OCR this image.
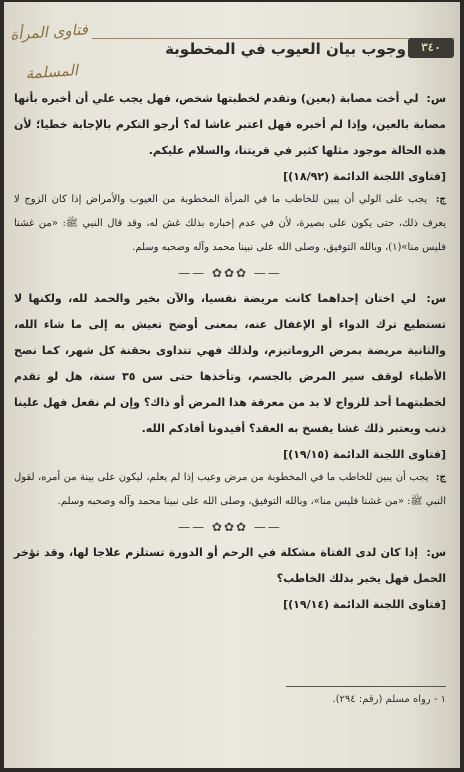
فتاوى المرأة المسلمة
٣٤٠
وجوب بيان العيوب في المخطوبة
س: لي أخت مصابة (بعين) وتقدم لخطبتها شخص، فهل يجب علي أن أخبره بأنها مصابة بالعين، وإذا لم أخبره فهل اعتبر غاشا له؟ أرجو التكرم بالإجابة خطيا؛ لأن هذه الحالة موجود مثلها كثير في قريتنا، والسلام عليكم.
[فتاوى اللجنة الدائمة (١٨/٩٢)]
ج: يجب على الولي أن يبين للخاطب ما في المرأة المخطوبة من العيوب والأمراض إذا كان الزوج لا يعرف ذلك، حتى يكون على بصيرة، لأن في عدم إخباره بذلك غش له، وقد قال النبي ﷺ: «من غشنا فليس منا»(١)، وبالله التوفيق، وصلى الله على نبينا محمد وآله وصحبه وسلم.
—— ✿✿✿ ——
س: لي اختان إحداهما كانت مريضة نفسيا، والآن بخير والحمد لله، ولكنها لا تستطيع ترك الدواء أو الإغفال عنه، بمعنى أوضح تعيش به إلى ما شاء الله، والثانية مريضة بمرض الروماتيزم، ولذلك فهي تتداوى بحقنة كل شهر، كما نصح الأطباء لوقف سير المرض بالجسم، وتأخذها حتى سن ٣٥ سنة، هل لو تقدم لخطبتهما أحد للزواج لا بد من معرفة هذا المرض أو ذاك؟ وإن لم نفعل فهل علينا ذنب ويعتبر ذلك غشا يفسخ به العقد؟ أفيدونا أفادكم الله.
[فتاوى اللجنة الدائمة (١٩/١٥)]
ج: يجب أن يبين للخاطب ما في المخطوبة من مرض وعيب إذا لم يعلم، ليكون على بينة من أمره، لقول النبي ﷺ: «من غشنا فليس منا»، وبالله التوفيق، وصلى الله على نبينا محمد وآله وصحبه وسلم.
—— ✿✿✿ ——
س: إذا كان لدى الفتاة مشكلة في الرحم أو الدورة تستلزم علاجا لها، وقد تؤخر الحمل فهل يخبر بذلك الخاطب؟
[فتاوى اللجنة الدائمة (١٩/١٤)]
١ - رواه مسلم (رقم: ٢٩٤).
